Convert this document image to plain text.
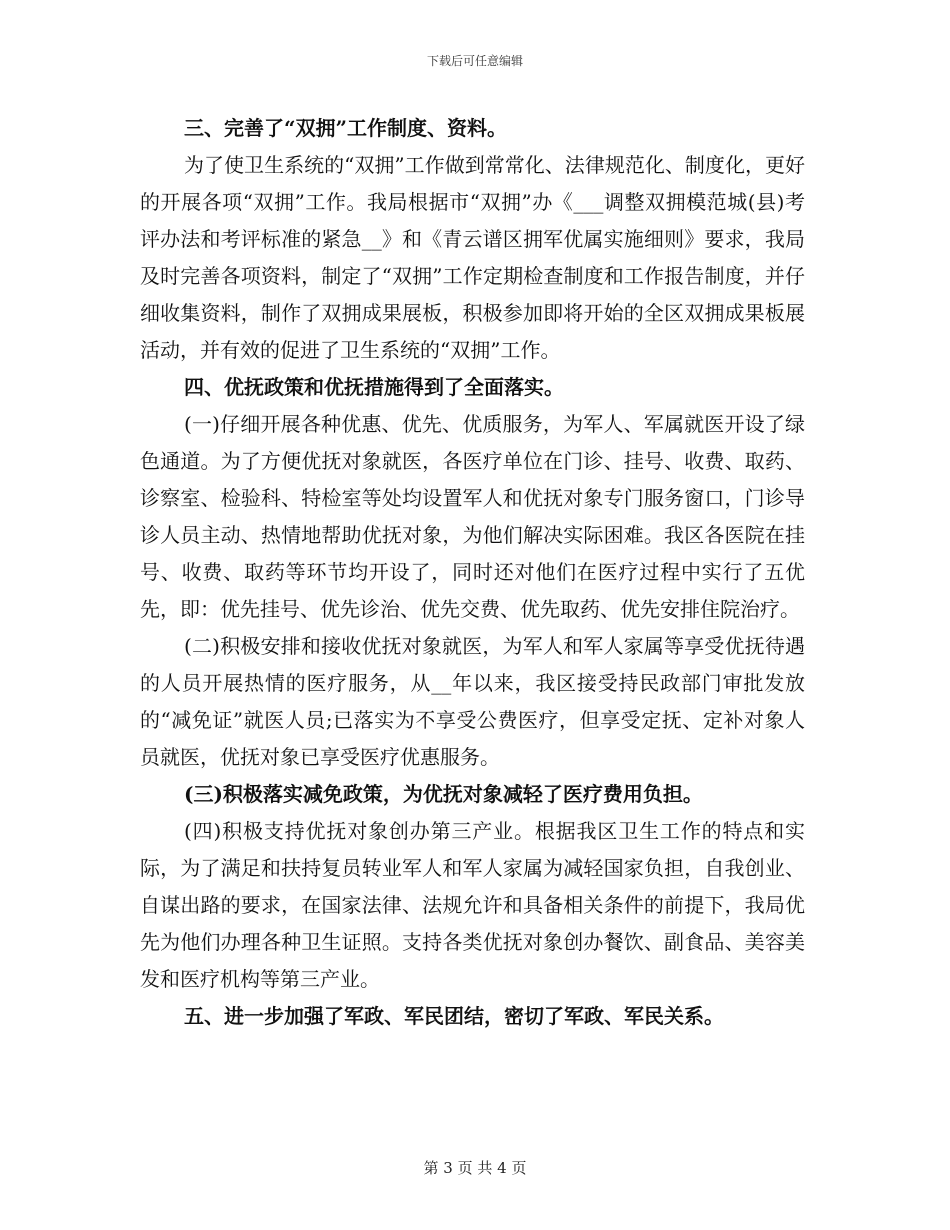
下载后可任意编辑

三、完善了“双拥”工作制度、资料。

为了使卫生系统的“双拥”工作做到常常化、法律规范化、制度化，更好的开展各项“双拥”工作。我局根据市“双拥”办《___调整双拥模范城(县)考评办法和考评标准的紧急__》和《青云谱区拥军优属实施细则》要求，我局及时完善各项资料，制定了“双拥”工作定期检查制度和工作报告制度，并仔细收集资料，制作了双拥成果展板，积极参加即将开始的全区双拥成果板展活动，并有效的促进了卫生系统的“双拥”工作。

四、优抚政策和优抚措施得到了全面落实。

(一)仔细开展各种优惠、优先、优质服务，为军人、军属就医开设了绿色通道。为了方便优抚对象就医，各医疗单位在门诊、挂号、收费、取药、诊察室、检验科、特检室等处均设置军人和优抚对象专门服务窗口，门诊导诊人员主动、热情地帮助优抚对象，为他们解决实际困难。我区各医院在挂号、收费、取药等环节均开设了，同时还对他们在医疗过程中实行了五优先，即：优先挂号、优先诊治、优先交费、优先取药、优先安排住院治疗。

(二)积极安排和接收优抚对象就医，为军人和军人家属等享受优抚待遇的人员开展热情的医疗服务，从__年以来，我区接受持民政部门审批发放的“减免证”就医人员;已落实为不享受公费医疗，但享受定抚、定补对象人员就医，优抚对象已享受医疗优惠服务。

(三)积极落实减免政策，为优抚对象减轻了医疗费用负担。

(四)积极支持优抚对象创办第三产业。根据我区卫生工作的特点和实际，为了满足和扶持复员转业军人和军人家属为减轻国家负担，自我创业、自谋出路的要求，在国家法律、法规允许和具备相关条件的前提下，我局优先为他们办理各种卫生证照。支持各类优抚对象创办餐饮、副食品、美容美发和医疗机构等第三产业。

五、进一步加强了军政、军民团结，密切了军政、军民关系。

第 3 页 共 4 页
